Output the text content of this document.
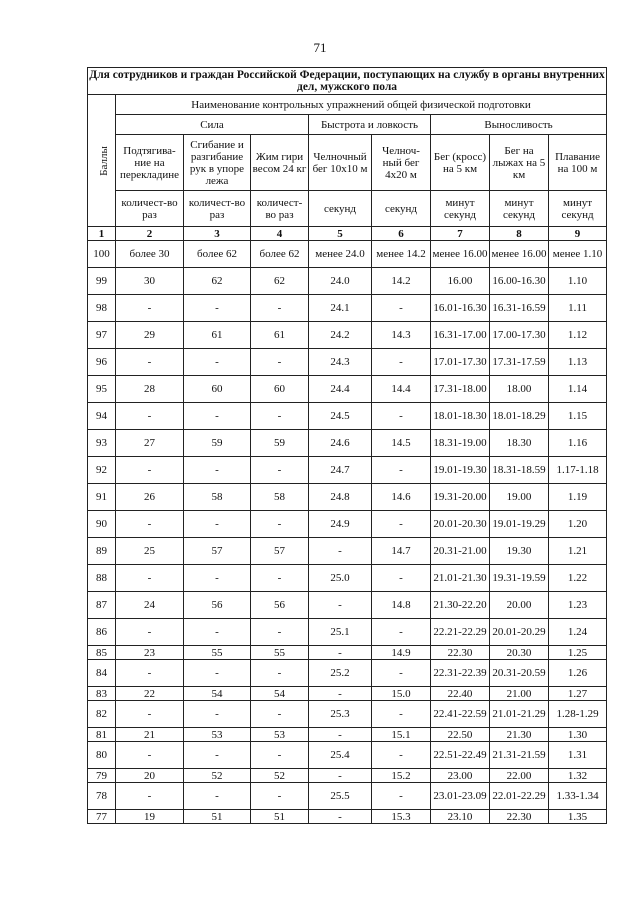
71
Для сотрудников и граждан Российской Федерации, поступающих на службу в органы внутренних дел, мужского пола								
Баллы	Наименование контрольных упражнений общей физической подготовки							
	Сила			Быстрота и ловкость		Выносливость		
	Подтягива-ние на перекладине	Сгибание и разгибание рук в упоре лежа	Жим гири весом 24 кг	Челночный бег 10х10 м	Челноч-ный бег 4х20 м	Бег (кросс) на 5 км	Бег на лыжах на 5 км	Плавание на 100 м
	количест-во раз	количест-во раз	количест-во раз	секунд	секунд	минут секунд	минут секунд	минут секунд
1	2	3	4	5	6	7	8	9
100	более 30	более 62	более 62	менее 24.0	менее 14.2	менее 16.00	менее 16.00	менее 1.10
99	30	62	62	24.0	14.2	16.00	16.00-16.30	1.10
98	-	-	-	24.1	-	16.01-16.30	16.31-16.59	1.11
97	29	61	61	24.2	14.3	16.31-17.00	17.00-17.30	1.12
96	-	-	-	24.3	-	17.01-17.30	17.31-17.59	1.13
95	28	60	60	24.4	14.4	17.31-18.00	18.00	1.14
94	-	-	-	24.5	-	18.01-18.30	18.01-18.29	1.15
93	27	59	59	24.6	14.5	18.31-19.00	18.30	1.16
92	-	-	-	24.7	-	19.01-19.30	18.31-18.59	1.17-1.18
91	26	58	58	24.8	14.6	19.31-20.00	19.00	1.19
90	-	-	-	24.9	-	20.01-20.30	19.01-19.29	1.20
89	25	57	57	-	14.7	20.31-21.00	19.30	1.21
88	-	-	-	25.0	-	21.01-21.30	19.31-19.59	1.22
87	24	56	56	-	14.8	21.30-22.20	20.00	1.23
86	-	-	-	25.1	-	22.21-22.29	20.01-20.29	1.24
85	23	55	55	-	14.9	22.30	20.30	1.25
84	-	-	-	25.2	-	22.31-22.39	20.31-20.59	1.26
83	22	54	54	-	15.0	22.40	21.00	1.27
82	-	-	-	25.3	-	22.41-22.59	21.01-21.29	1.28-1.29
81	21	53	53	-	15.1	22.50	21.30	1.30
80	-	-	-	25.4	-	22.51-22.49	21.31-21.59	1.31
79	20	52	52	-	15.2	23.00	22.00	1.32
78	-	-	-	25.5	-	23.01-23.09	22.01-22.29	1.33-1.34
77	19	51	51	-	15.3	23.10	22.30	1.35
